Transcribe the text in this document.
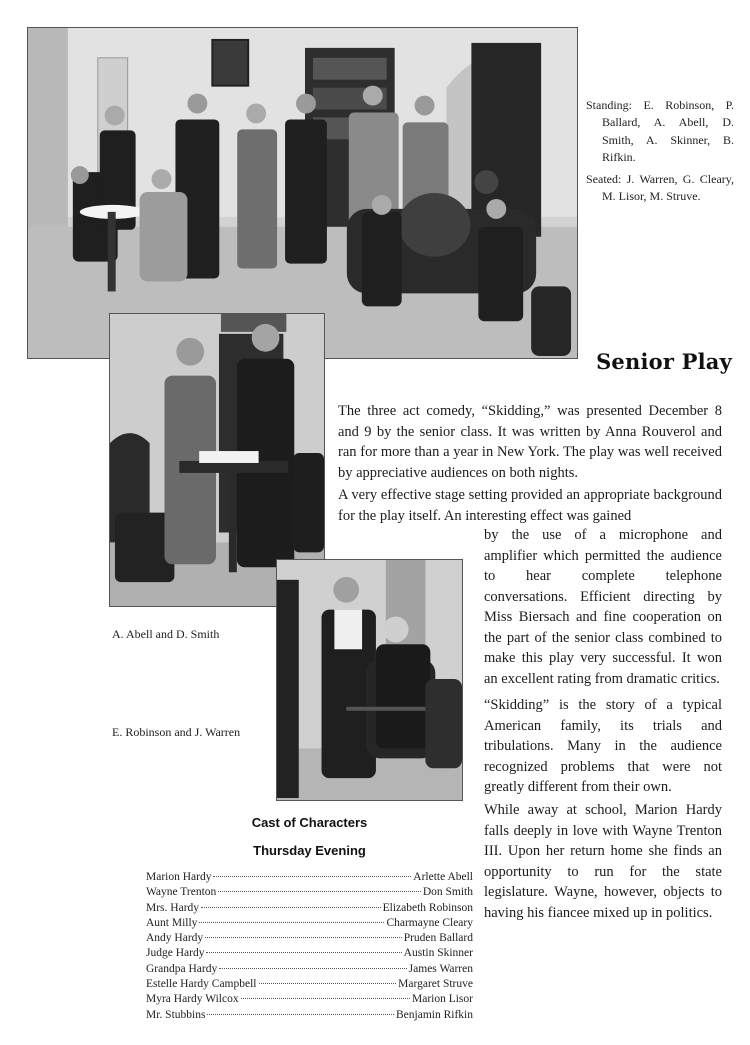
Standing: E. Robinson, P. Ballard, A. Abell, D. Smith, A. Skinner, B. Rifkin.

Seated: J. Warren, G. Cleary, M. Lisor, M. Struve.

Senior Play
A. Abell and D. Smith
E. Robinson and J. Warren

The three act comedy, “Skidding,” was presented December 8 and 9 by the senior class. It was written by Anna Rouverol and ran for more than a year in New York. The play was well received by appreciative audiences on both nights.

A very effective stage setting provided an appropriate background for the play itself. An interesting effect was gained

by the use of a microphone and amplifier which permitted the audience to hear complete telephone conversations. Efficient directing by Miss Biersach and fine cooperation on the part of the senior class combined to make this play very successful. It won an excellent rating from dramatic critics.

“Skidding” is the story of a typical American family, its trials and tribulations. Many in the audience recognized problems that were not greatly different from their own.

While away at school, Marion Hardy falls deeply in love with Wayne Trenton III. Upon her return home she finds an opportunity to run for the state legislature. Wayne, however, objects to having his fiancee mixed up in politics.

Cast of Characters
Thursday Evening
Marion Hardy	Arlette Abell
Wayne Trenton	Don Smith
Mrs. Hardy	Elizabeth Robinson
Aunt Milly	Charmayne Cleary
Andy Hardy	Pruden Ballard
Judge Hardy	Austin Skinner
Grandpa Hardy	James Warren
Estelle Hardy Campbell	Margaret Struve
Myra Hardy Wilcox	Marion Lisor
Mr. Stubbins	Benjamin Rifkin
